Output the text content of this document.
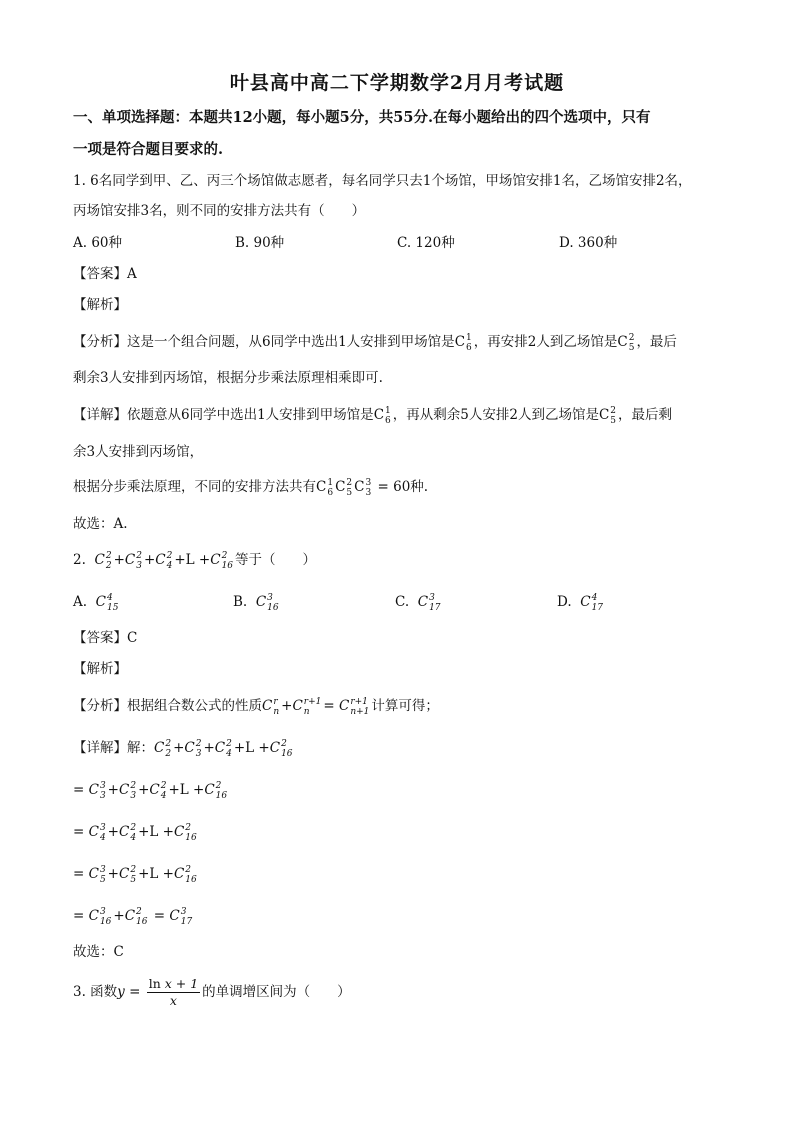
叶县高中高二下学期数学2月月考试题
一、单项选择题：本题共12小题，每小题5分，共55分.在每小题给出的四个选项中，只有
一项是符合题目要求的.
1. 6名同学到甲、乙、丙三个场馆做志愿者，每名同学只去1个场馆，甲场馆安排1名，乙场馆安排2名，
丙场馆安排3名，则不同的安排方法共有（　　）
A. 60种	B. 90种	C. 120种	D. 360种
【答案】A
【解析】
【分析】这是一个组合问题，从6同学中选出1人安排到甲场馆是C 1
6 ，再安排2人到乙场馆是C 2
5 ，最后
剩余3人安排到丙场馆，根据分步乘法原理相乘即可.
【详解】依题意从6同学中选出1人安排到甲场馆是C 1
6 ，再从剩余5人安排2人到乙场馆是C 2
5 ，最后剩
余3人安排到丙场馆，
根据分步乘法原理，不同的安排方法共有C 1
6 C 2
5 C 3
3 = 60种.
故选：A.
2. C 2
2 +C 2
3 +C 2
4 +L +C 2
16 等于（　　）
A. C 4
15	B. C 3
16	C. C 3
17	D. C 4
17
【答案】C
【解析】
【分析】根据组合数公式的性质C r
n +C r+1
n	= C r+1
n+1 计算可得；
【详解】解：C 2
2 +C 2
3 +C 2
4 +L +C 2
16
= C 3
3 +C 2
3 +C 2
4 +L +C 2
16
= C 3
4 +C 2
4 +L +C 2
16
= C 3
5 +C 2
5 +L +C 2
16
= C 3
16 +C 2
16 = C 3
17
故选：C
3. 函数$y = \frac{\text{ln x + 1}}{x}$ 的单调增区间为（　　）
